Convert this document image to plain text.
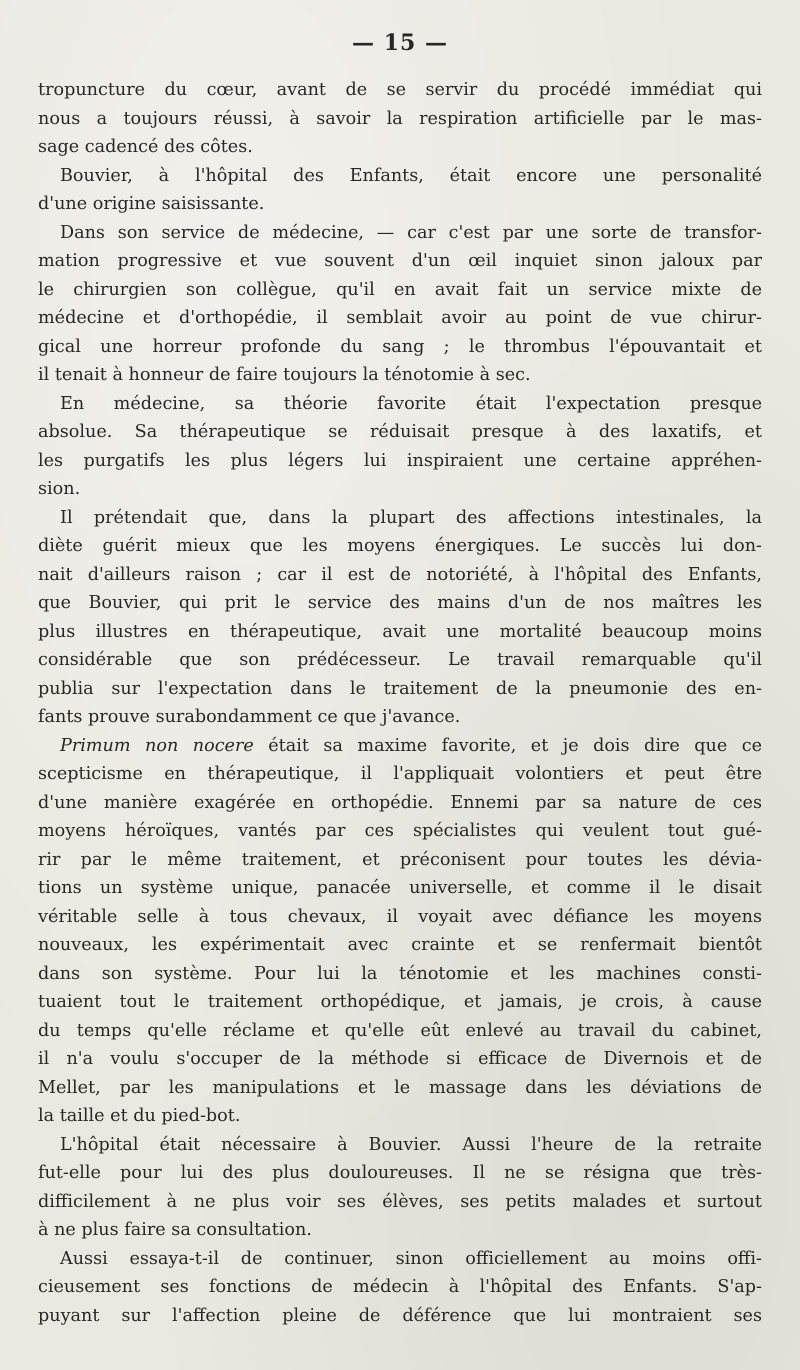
— 15 —
tropuncture du cœur, avant de se servir du procédé immédiat qui
nous a toujours réussi, à savoir la respiration artificielle par le mas-
sage cadencé des côtes.
Bouvier, à l'hôpital des Enfants, était encore une personalité
d'une origine saisissante.
Dans son service de médecine, — car c'est par une sorte de transfor-
mation progressive et vue souvent d'un œil inquiet sinon jaloux par
le chirurgien son collègue, qu'il en avait fait un service mixte de
médecine et d'orthopédie, il semblait avoir au point de vue chirur-
gical une horreur profonde du sang ; le thrombus l'épouvantait et
il tenait à honneur de faire toujours la ténotomie à sec.
En médecine, sa théorie favorite était l'expectation presque
absolue. Sa thérapeutique se réduisait presque à des laxatifs, et
les purgatifs les plus légers lui inspiraient une certaine appréhen-
sion.
Il prétendait que, dans la plupart des affections intestinales, la
diète guérit mieux que les moyens énergiques. Le succès lui don-
nait d'ailleurs raison ; car il est de notoriété, à l'hôpital des Enfants,
que Bouvier, qui prit le service des mains d'un de nos maîtres les
plus illustres en thérapeutique, avait une mortalité beaucoup moins
considérable que son prédécesseur. Le travail remarquable qu'il
publia sur l'expectation dans le traitement de la pneumonie des en-
fants prouve surabondamment ce que j'avance.
Primum non nocere était sa maxime favorite, et je dois dire que ce
scepticisme en thérapeutique, il l'appliquait volontiers et peut être
d'une manière exagérée en orthopédie. Ennemi par sa nature de ces
moyens héroïques, vantés par ces spécialistes qui veulent tout gué-
rir par le même traitement, et préconisent pour toutes les dévia-
tions un système unique, panacée universelle, et comme il le disait
véritable selle à tous chevaux, il voyait avec défiance les moyens
nouveaux, les expérimentait avec crainte et se renfermait bientôt
dans son système. Pour lui la ténotomie et les machines consti-
tuaient tout le traitement orthopédique, et jamais, je crois, à cause
du temps qu'elle réclame et qu'elle eût enlevé au travail du cabinet,
il n'a voulu s'occuper de la méthode si efficace de Divernois et de
Mellet, par les manipulations et le massage dans les déviations de
la taille et du pied-bot.
L'hôpital était nécessaire à Bouvier. Aussi l'heure de la retraite
fut-elle pour lui des plus douloureuses. Il ne se résigna que très-
difficilement à ne plus voir ses élèves, ses petits malades et surtout
à ne plus faire sa consultation.
Aussi essaya-t-il de continuer, sinon officiellement au moins offi-
cieusement ses fonctions de médecin à l'hôpital des Enfants. S'ap-
puyant sur l'affection pleine de déférence que lui montraient ses
